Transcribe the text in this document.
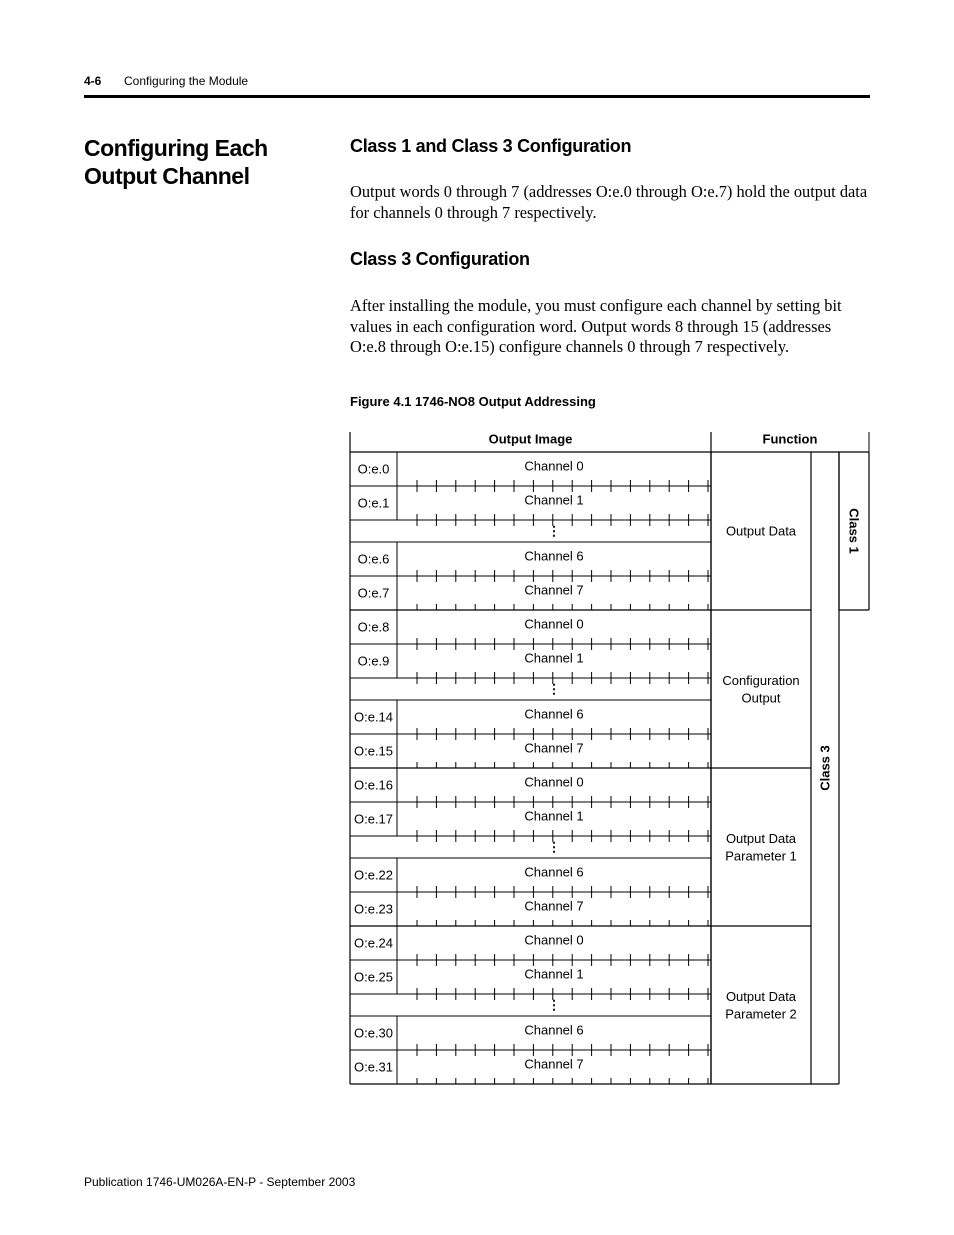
4-6 Configuring the Module
Configuring Each Output Channel
Class 1 and Class 3 Configuration
Output words 0 through 7 (addresses O:e.0 through O:e.7) hold the output data for channels 0 through 7 respectively.
Class 3 Configuration
After installing the module, you must configure each channel by setting bit values in each configuration word. Output words 8 through 15 (addresses O:e.8 through O:e.15) configure channels 0 through 7 respectively.
Figure 4.1 1746-NO8 Output Addressing
Output Image	Function
O:e.0	Channel 0
O:e.1	Channel 1
⋮
O:e.6	Channel 6
O:e.7	Channel 7
Output Data
O:e.8	Channel 0
O:e.9	Channel 1
⋮
O:e.14	Channel 6
O:e.15	Channel 7
Configuration
Output
O:e.16	Channel 0
O:e.17	Channel 1
⋮
O:e.22	Channel 6
O:e.23	Channel 7
Output Data
Parameter 1
O:e.24	Channel 0
O:e.25	Channel 1
⋮
O:e.30	Channel 6
O:e.31	Channel 7
Output Data
Parameter 2
Class 1
Class 3
Publication 1746-UM026A-EN-P - September 2003
